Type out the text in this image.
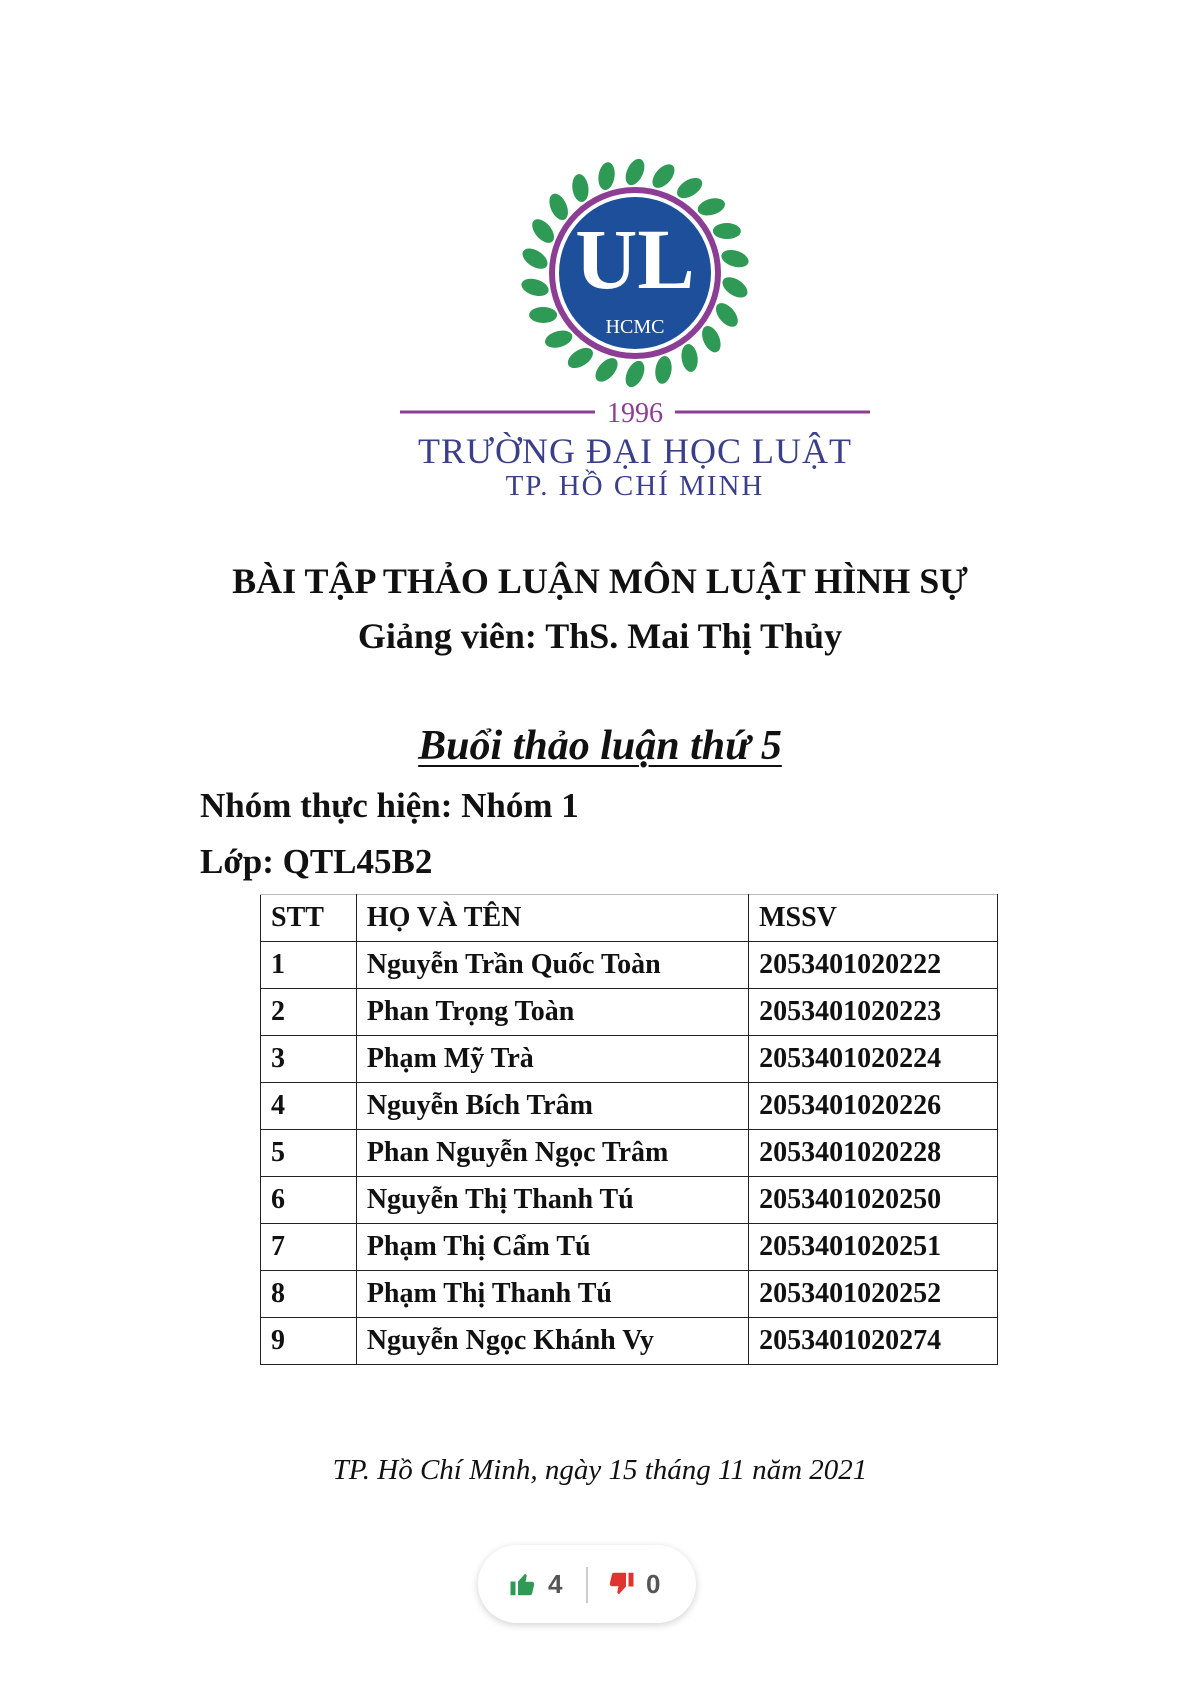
UL
HCMC
1996
TRƯỜNG ĐẠI HỌC LUẬT
TP. HỒ CHÍ MINH
BÀI TẬP THẢO LUẬN MÔN LUẬT HÌNH SỰ
Giảng viên: ThS. Mai Thị Thủy
Buổi thảo luận thứ 5
Nhóm thực hiện: Nhóm 1
Lớp: QTL45B2
STT	HỌ VÀ TÊN	MSSV
1	Nguyễn Trần Quốc Toàn	2053401020222
2	Phan Trọng Toàn	2053401020223
3	Phạm Mỹ Trà	2053401020224
4	Nguyễn Bích Trâm	2053401020226
5	Phan Nguyễn Ngọc Trâm	2053401020228
6	Nguyễn Thị Thanh Tú	2053401020250
7	Phạm Thị Cẩm Tú	2053401020251
8	Phạm Thị Thanh Tú	2053401020252
9	Nguyễn Ngọc Khánh Vy	2053401020274
TP. Hồ Chí Minh, ngày 15 tháng 11 năm 2021
4	0
